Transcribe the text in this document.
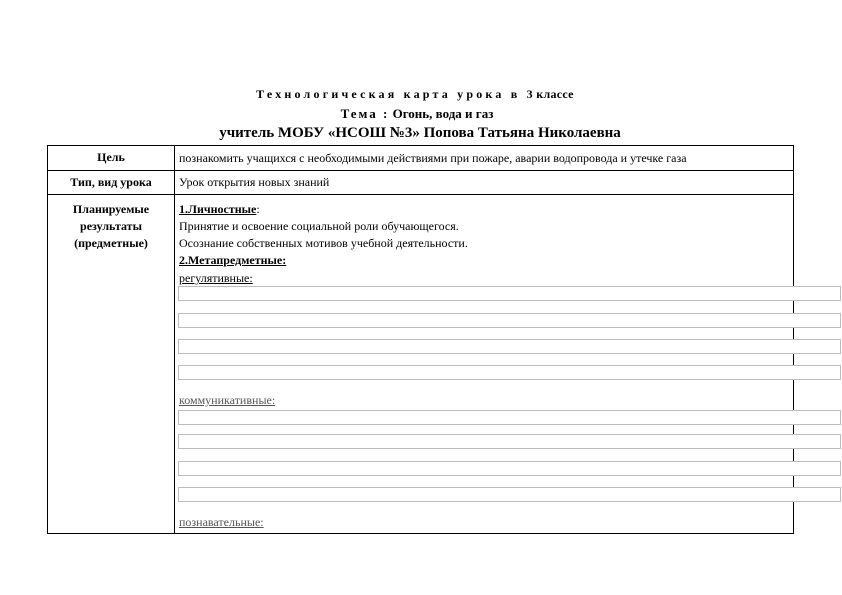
Технологическая карта урока в 3 классе
Тема : Огонь, вода и газ
учитель МОБУ «НСОШ №3» Попова Татьяна Николаевна
Цель	познакомить учащихся с необходимыми действиями при пожаре, аварии водопровода и утечке газа
Тип, вид урока	Урок открытия новых знаний
Планируемые
результаты
(предметные)
1.Личностные:
Принятие и освоение социальной роли обучающегося.
Осознание собственных мотивов учебной деятельности.
2.Метапредметные:
регулятивные:
коммуникативные:
познавательные:
